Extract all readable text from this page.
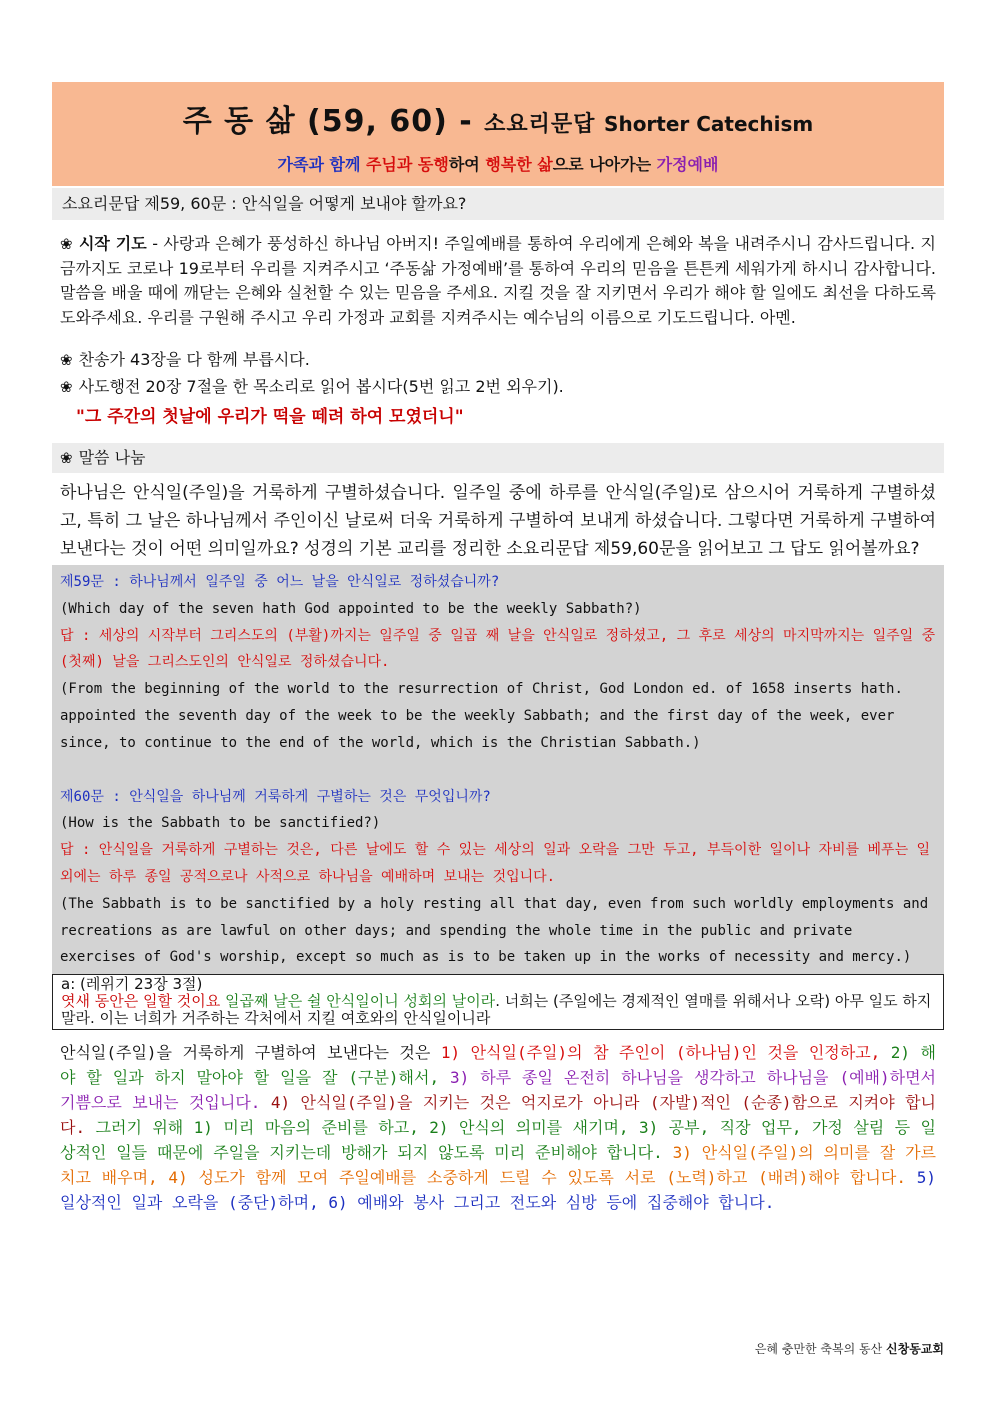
주 동 삶 (59, 60) - 소요리문답 Shorter Catechism
가족과 함께 주님과 동행하여 행복한 삶으로 나아가는 가정예배
소요리문답 제59, 60문 : 안식일을 어떻게 보내야 할까요?

❀ 시작 기도 - 사랑과 은혜가 풍성하신 하나님 아버지! 주일예배를 통하여 우리에게 은혜와 복을 내려주시니 감사드립니다. 지금까지도 코로나 19로부터 우리를 지켜주시고 ‘주동삶 가정예배’를 통하여 우리의 믿음을 튼튼케 세워가게 하시니 감사합니다. 말씀을 배울 때에 깨닫는 은혜와 실천할 수 있는 믿음을 주세요. 지킬 것을 잘 지키면서 우리가 해야 할 일에도 최선을 다하도록 도와주세요. 우리를 구원해 주시고 우리 가정과 교회를 지켜주시는 예수님의 이름으로 기도드립니다. 아멘.

❀ 찬송가 43장을 다 함께 부릅시다.
❀ 사도행전 20장 7절을 한 목소리로 읽어 봅시다(5번 읽고 2번 외우기).
"그 주간의 첫날에 우리가 떡을 떼려 하여 모였더니"
❀ 말씀 나눔
하나님은 안식일(주일)을 거룩하게 구별하셨습니다. 일주일 중에 하루를 안식일(주일)로 삼으시어 거룩하게 구별하셨고, 특히 그 날은 하나님께서 주인이신 날로써 더욱 거룩하게 구별하여 보내게 하셨습니다. 그렇다면 거룩하게 구별하여 보낸다는 것이 어떤 의미일까요? 성경의 기본 교리를 정리한 소요리문답 제59,60문을 읽어보고 그 답도 읽어볼까요?
제59문 : 하나님께서 일주일 중 어느 날을 안식일로 정하셨습니까?
(Which day of the seven hath God appointed to be the weekly Sabbath?)
답 : 세상의 시작부터 그리스도의 (부활)까지는 일주일 중 일곱 째 날을 안식일로 정하셨고, 그 후로 세상의 마지막까지는 일주일 중 (첫째) 날을 그리스도인의 안식일로 정하셨습니다.
(From the beginning of the world to the resurrection of Christ, God London ed. of 1658 inserts hath. appointed the seventh day of the week to be the weekly Sabbath; and the first day of the week, ever since, to continue to the end of the world, which is the Christian Sabbath.)
제60문 : 안식일을 하나님께 거룩하게 구별하는 것은 무엇입니까?
(How is the Sabbath to be sanctified?)
답 : 안식일을 거룩하게 구별하는 것은, 다른 날에도 할 수 있는 세상의 일과 오락을 그만 두고, 부득이한 일이나 자비를 베푸는 일 외에는 하루 종일 공적으로나 사적으로 하나님을 예배하며 보내는 것입니다.
(The Sabbath is to be sanctified by a holy resting all that day, even from such worldly employments and recreations as are lawful on other days; and spending the whole time in the public and private exercises of God's worship, except so much as is to be taken up in the works of necessity and mercy.)
a: (레위기 23장 3절)
엿새 동안은 일할 것이요 일곱째 날은 쉴 안식일이니 성회의 날이라. 너희는 (주일에는 경제적인 열매를 위해서나 오락) 아무 일도 하지 말라. 이는 너희가 거주하는 각처에서 지킬 여호와의 안식일이니라
안식일(주일)을 거룩하게 구별하여 보낸다는 것은 1) 안식일(주일)의 참 주인이 (하나님)인 것을 인정하고, 2) 해야 할 일과 하지 말아야 할 일을 잘 (구분)해서, 3) 하루 종일 온전히 하나님을 생각하고 하나님을 (예배)하면서 기쁨으로 보내는 것입니다. 4) 안식일(주일)을 지키는 것은 억지로가 아니라 (자발)적인 (순종)함으로 지켜야 합니다. 그러기 위해 1) 미리 마음의 준비를 하고, 2) 안식의 의미를 새기며, 3) 공부, 직장 업무, 가정 살림 등 일상적인 일들 때문에 주일을 지키는데 방해가 되지 않도록 미리 준비해야 합니다. 3) 안식일(주일)의 의미를 잘 가르치고 배우며, 4) 성도가 함께 모여 주일예배를 소중하게 드릴 수 있도록 서로 (노력)하고 (배려)해야 합니다. 5) 일상적인 일과 오락을 (중단)하며, 6) 예배와 봉사 그리고 전도와 심방 등에 집중해야 합니다.
은혜 충만한 축복의 동산 신창동교회
